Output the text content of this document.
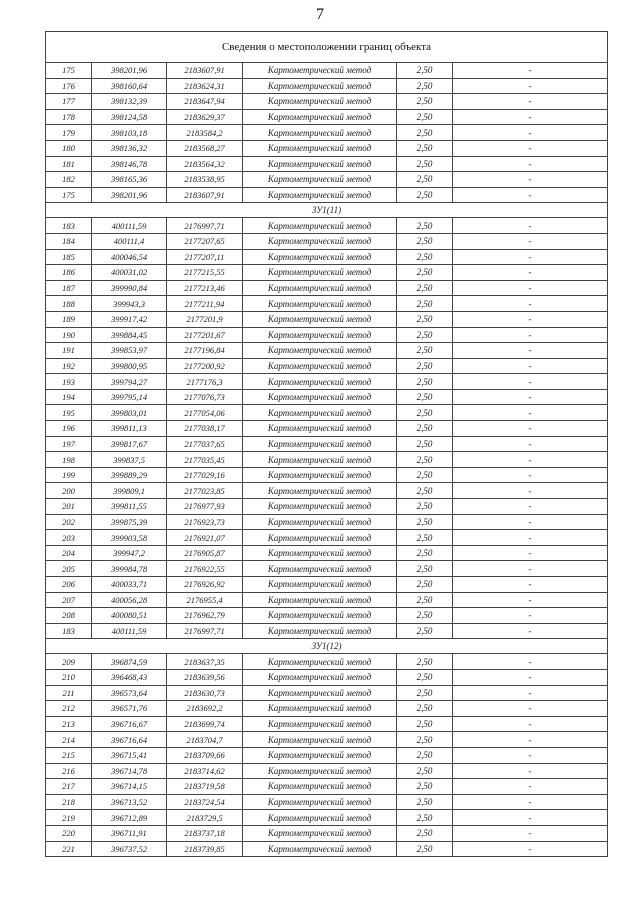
7
Сведения о местоположении границ объекта					
175	398201,96	2183607,91	Картометрический метод	2,50	-
176	398160,64	2183624,31	Картометрический метод	2,50	-
177	398132,39	2183647,94	Картометрический метод	2,50	-
178	398124,58	2183629,37	Картометрический метод	2,50	-
179	398103,18	2183584,2	Картометрический метод	2,50	-
180	398136,32	2183568,27	Картометрический метод	2,50	-
181	398146,78	2183564,32	Картометрический метод	2,50	-
182	398165,36	2183538,95	Картометрический метод	2,50	-
175	398201,96	2183607,91	Картометрический метод	2,50	-
ЗУ1(11)					
183	400111,59	2176997,71	Картометрический метод	2,50	-
184	400111,4	2177207,65	Картометрический метод	2,50	-
185	400046,54	2177207,11	Картометрический метод	2,50	-
186	400031,02	2177215,55	Картометрический метод	2,50	-
187	399990,84	2177213,46	Картометрический метод	2,50	-
188	399943,3	2177211,94	Картометрический метод	2,50	-
189	399917,42	2177201,9	Картометрический метод	2,50	-
190	399884,45	2177201,67	Картометрический метод	2,50	-
191	399853,97	2177196,84	Картометрический метод	2,50	-
192	399800,95	2177200,92	Картометрический метод	2,50	-
193	399794,27	2177176,3	Картометрический метод	2,50	-
194	399795,14	2177076,73	Картометрический метод	2,50	-
195	399803,01	2177054,06	Картометрический метод	2,50	-
196	399811,13	2177038,17	Картометрический метод	2,50	-
197	399817,67	2177037,65	Картометрический метод	2,50	-
198	399837,5	2177035,45	Картометрический метод	2,50	-
199	399889,29	2177029,16	Картометрический метод	2,50	-
200	399809,1	2177023,85	Картометрический метод	2,50	-
201	399811,55	2176977,93	Картометрический метод	2,50	-
202	399875,39	2176923,73	Картометрический метод	2,50	-
203	399903,58	2176921,07	Картометрический метод	2,50	-
204	399947,2	2176905,87	Картометрический метод	2,50	-
205	399984,78	2176922,55	Картометрический метод	2,50	-
206	400033,71	2176926,92	Картометрический метод	2,50	-
207	400056,28	2176955,4	Картометрический метод	2,50	-
208	400080,51	2176962,79	Картометрический метод	2,50	-
183	400111,59	2176997,71	Картометрический метод	2,50	-
ЗУ1(12)					
209	396874,59	2183637,35	Картометрический метод	2,50	-
210	396468,43	2183639,56	Картометрический метод	2,50	-
211	396573,64	2183630,73	Картометрический метод	2,50	-
212	396571,76	2183692,2	Картометрический метод	2,50	-
213	396716,67	2183699,74	Картометрический метод	2,50	-
214	396716,64	2183704,7	Картометрический метод	2,50	-
215	396715,41	2183709,66	Картометрический метод	2,50	-
216	396714,78	2183714,62	Картометрический метод	2,50	-
217	396714,15	2183719,58	Картометрический метод	2,50	-
218	396713,52	2183724,54	Картометрический метод	2,50	-
219	396712,89	2183729,5	Картометрический метод	2,50	-
220	396711,91	2183737,18	Картометрический метод	2,50	-
221	396737,52	2183739,85	Картометрический метод	2,50	-
